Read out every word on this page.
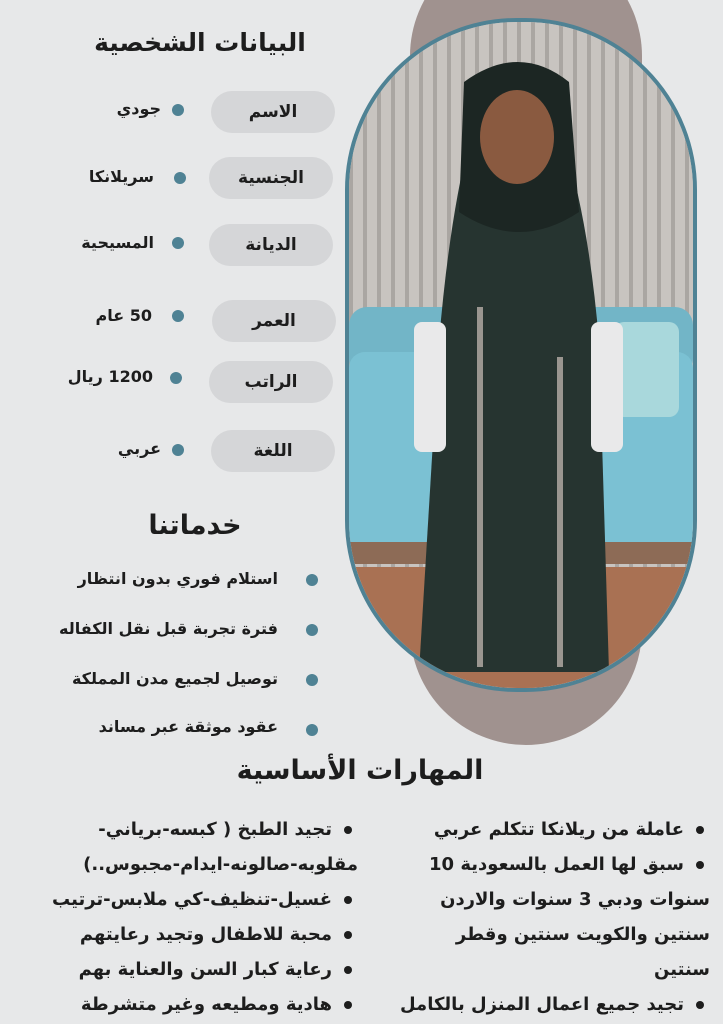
البيانات الشخصية
الاسم
جودي
الجنسية
سريلانكا
الديانة
المسيحية
العمر
50 عام
الراتب
1200 ريال
اللغة
عربي
خدماتنا
استلام فوري بدون انتظار
فترة تجربة قبل نقل الكفاله
توصيل لجميع مدن المملكة
عقود موثقة عبر مساند
المهارات الأساسية
عاملة من ريلانكا تتكلم عربي
سبق لها العمل بالسعودية 10
سنوات ودبي 3 سنوات والاردن
سنتين والكويت سنتين وقطر
سنتين
تجيد جميع اعمال المنزل بالكامل
تجيد الطبخ ( كبسه-برياني-
مقلوبه-صالونه-ايدام-مجبوس..)
غسيل-تنظيف-كي ملابس-ترتيب
محبة للاطفال وتجيد رعايتهم
رعاية كبار السن والعناية بهم
هادية ومطيعه وغير متشرطة
